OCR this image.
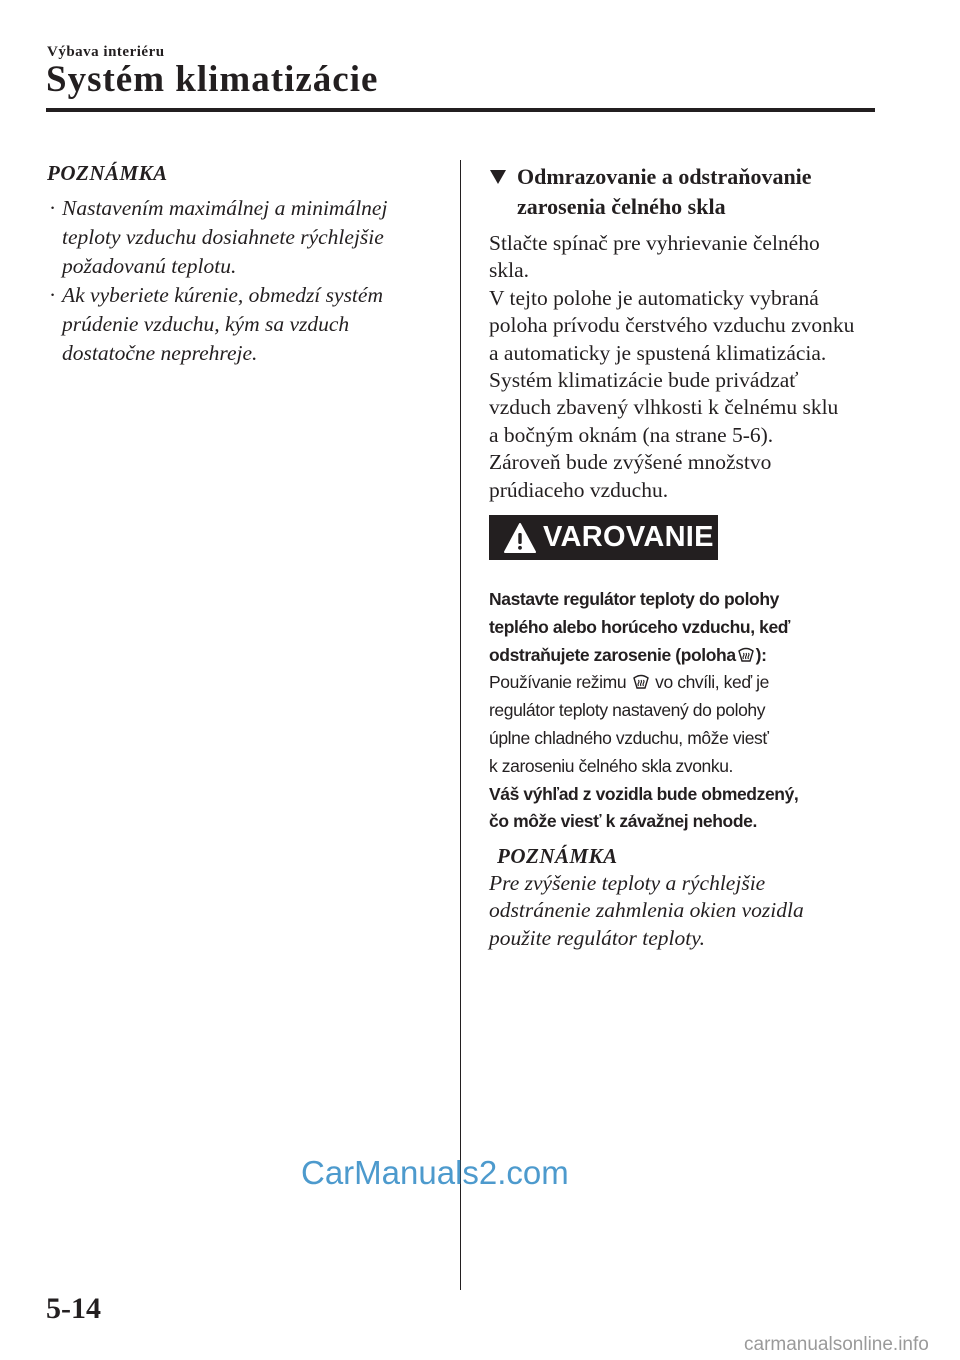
Výbava interiéru
Systém klimatizácie
POZNÁMKA
· Nastavením maximálnej a minimálnej teploty vzduchu dosiahnete rýchlejšie požadovanú teplotu.
· Ak vyberiete kúrenie, obmedzí systém prúdenie vzduchu, kým sa vzduch dostatočne neprehreje.
Odmrazovanie a odstraňovanie
zarosenia čelného skla
Stlačte spínač pre vyhrievanie čelného
skla.
V tejto polohe je automaticky vybraná
poloha prívodu čerstvého vzduchu zvonku
a automaticky je spustená klimatizácia.
Systém klimatizácie bude privádzať
vzduch zbavený vlhkosti k čelnému sklu
a bočným oknám (na strane 5-6).
Zároveň bude zvýšené množstvo
prúdiaceho vzduchu.
VAROVANIE
Nastavte regulátor teploty do polohy
teplého alebo horúceho vzduchu, keď
odstraňujete zarosenie (poloha ):
Používanie režimu vo chvíli, keď je
regulátor teploty nastavený do polohy
úplne chladného vzduchu, môže viesť
k zaroseniu čelného skla zvonku.
Váš výhľad z vozidla bude obmedzený,
čo môže viesť k závažnej nehode.
POZNÁMKA
Pre zvýšenie teploty a rýchlejšie
odstránenie zahmlenia okien vozidla
použite regulátor teploty.
CarManuals2.com
5-14
carmanualsonline.info
